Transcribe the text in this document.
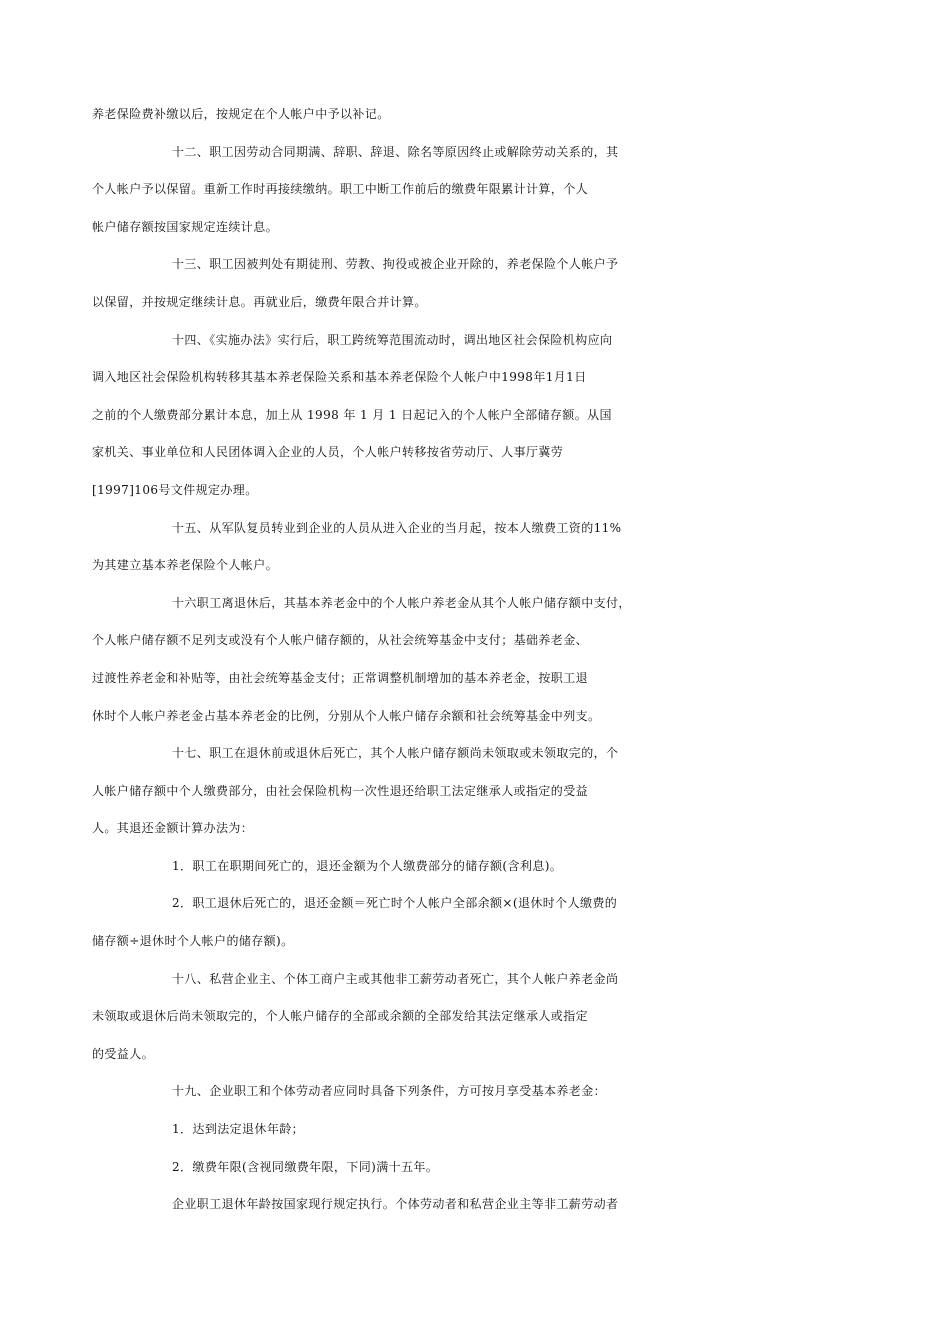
养老保险费补缴以后，按规定在个人帐户中予以补记。
十二、职工因劳动合同期满、辞职、辞退、除名等原因终止或解除劳动关系的，其
个人帐户予以保留。重新工作时再接续缴纳。职工中断工作前后的缴费年限累计计算，个人
帐户储存额按国家规定连续计息。
十三、职工因被判处有期徒刑、劳教、拘役或被企业开除的，养老保险个人帐户予
以保留，并按规定继续计息。再就业后，缴费年限合并计算。
十四、《实施办法》实行后，职工跨统筹范围流动时，调出地区社会保险机构应向
调入地区社会保险机构转移其基本养老保险关系和基本养老保险个人帐户中1998年1月1日
之前的个人缴费部分累计本息，加上从 1998 年 1 月 1 日起记入的个人帐户全部储存额。从国
家机关、事业单位和人民团体调入企业的人员，个人帐户转移按省劳动厅、人事厅冀劳
[1997]106号文件规定办理。
十五、从军队复员转业到企业的人员从进入企业的当月起，按本人缴费工资的11%
为其建立基本养老保险个人帐户。
十六职工离退休后，其基本养老金中的个人帐户养老金从其个人帐户储存额中支付，
个人帐户储存额不足列支或没有个人帐户储存额的，从社会统筹基金中支付；基础养老金、
过渡性养老金和补贴等，由社会统筹基金支付；正常调整机制增加的基本养老金，按职工退
休时个人帐户养老金占基本养老金的比例，分别从个人帐户储存余额和社会统筹基金中列支。
十七、职工在退休前或退休后死亡，其个人帐户储存额尚未领取或未领取完的，个
人帐户储存额中个人缴费部分，由社会保险机构一次性退还给职工法定继承人或指定的受益
人。其退还金额计算办法为：
1．职工在职期间死亡的，退还金额为个人缴费部分的储存额(含利息)。
2．职工退休后死亡的，退还金额＝死亡时个人帐户全部余额×(退休时个人缴费的
储存额÷退休时个人帐户的储存额)。
十八、私营企业主、个体工商户主或其他非工薪劳动者死亡，其个人帐户养老金尚
未领取或退休后尚未领取完的，个人帐户储存的全部或余额的全部发给其法定继承人或指定
的受益人。
十九、企业职工和个体劳动者应同时具备下列条件，方可按月享受基本养老金：
1．达到法定退休年龄；
2．缴费年限(含视同缴费年限，下同)满十五年。
企业职工退休年龄按国家现行规定执行。个体劳动者和私营企业主等非工薪劳动者
